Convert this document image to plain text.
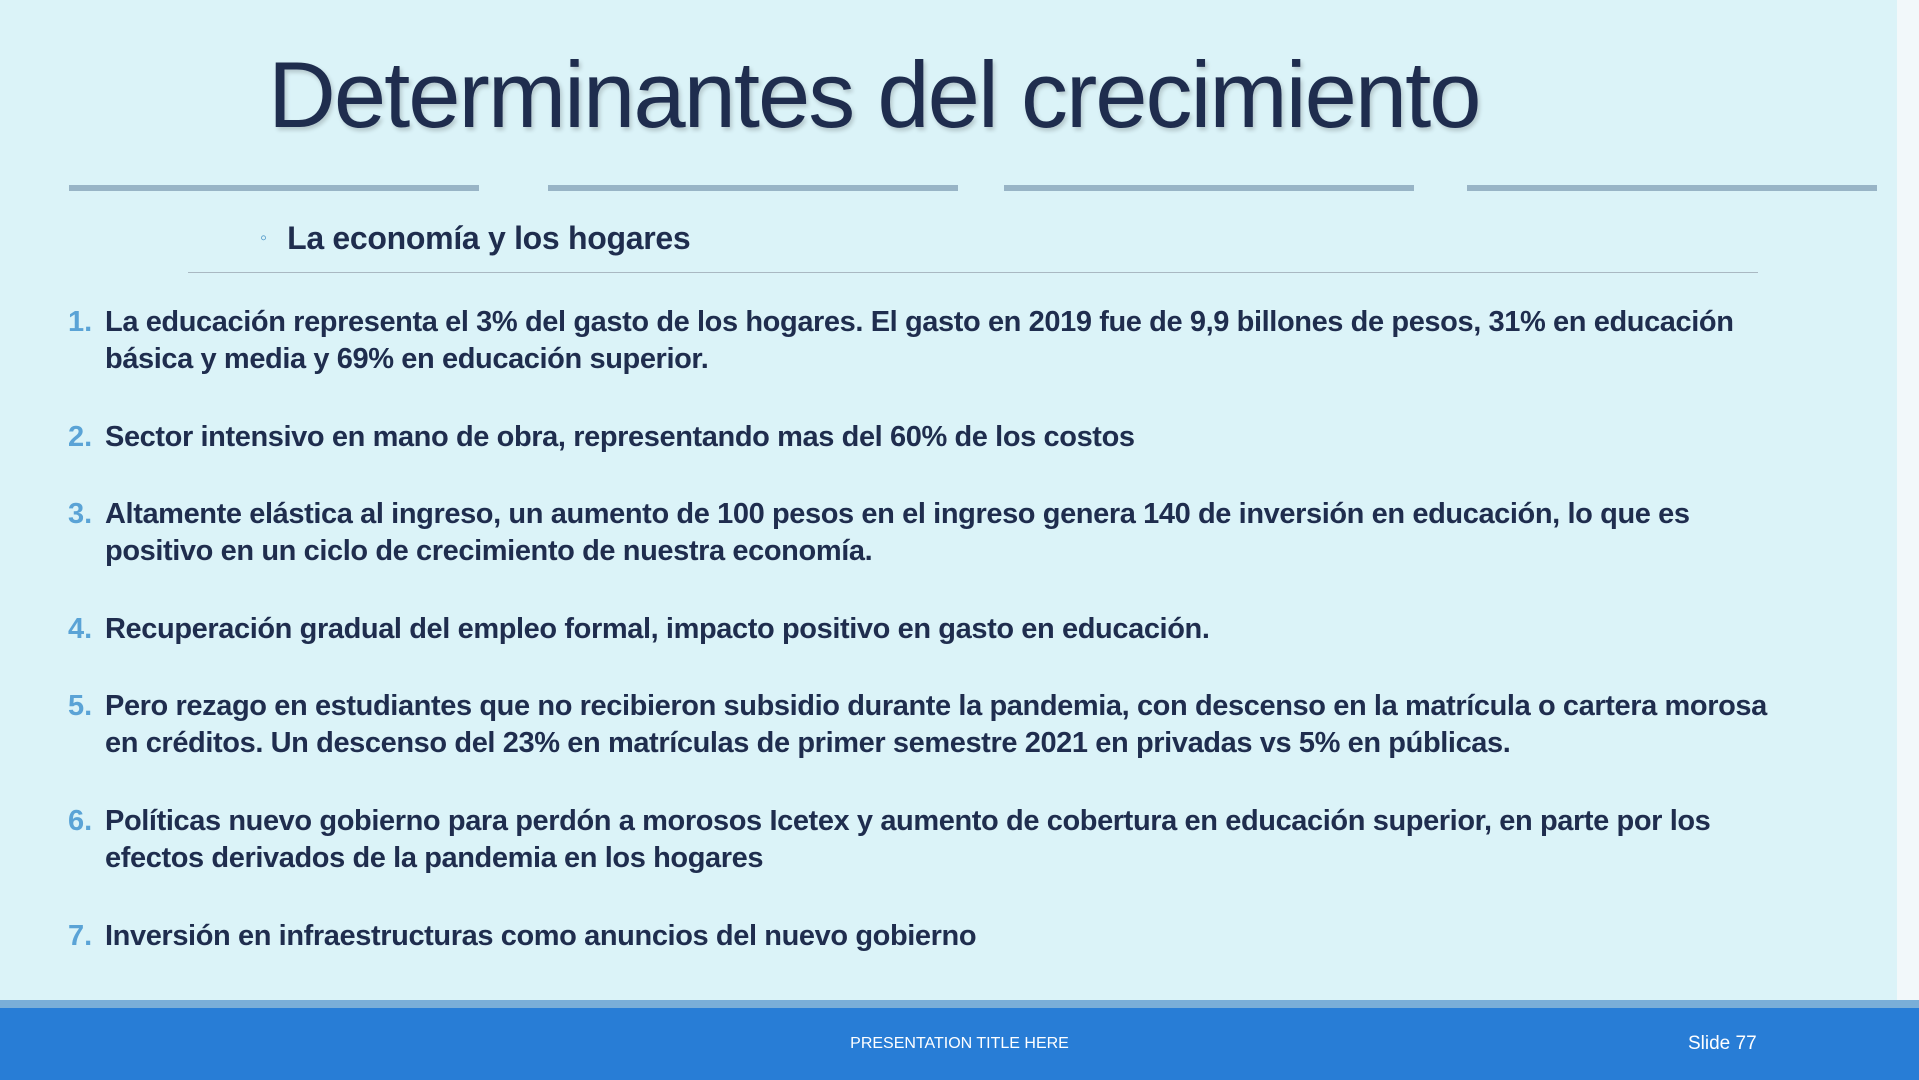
Determinantes del crecimiento
◦ La economía y los hogares
1. La educación representa el 3% del gasto de los hogares. El gasto en 2019 fue de 9,9 billones de pesos, 31% en educación básica y media y 69% en educación superior.
2. Sector intensivo en mano de obra, representando mas del 60% de los costos
3. Altamente elástica al ingreso, un aumento de 100 pesos en el ingreso genera 140 de inversión en educación, lo que es positivo en un ciclo de crecimiento de nuestra economía.
4. Recuperación gradual del empleo formal, impacto positivo en gasto en educación.
5. Pero rezago en estudiantes que no recibieron subsidio durante la pandemia, con descenso en la matrícula o cartera morosa en créditos. Un descenso del 23% en matrículas de primer semestre 2021 en privadas vs 5% en públicas.
6. Políticas nuevo gobierno para perdón a morosos Icetex y aumento de cobertura en educación superior, en parte por los efectos derivados de la pandemia en los hogares
7. Inversión en infraestructuras como anuncios del nuevo gobierno
PRESENTATION TITLE HERE	Slide 77
